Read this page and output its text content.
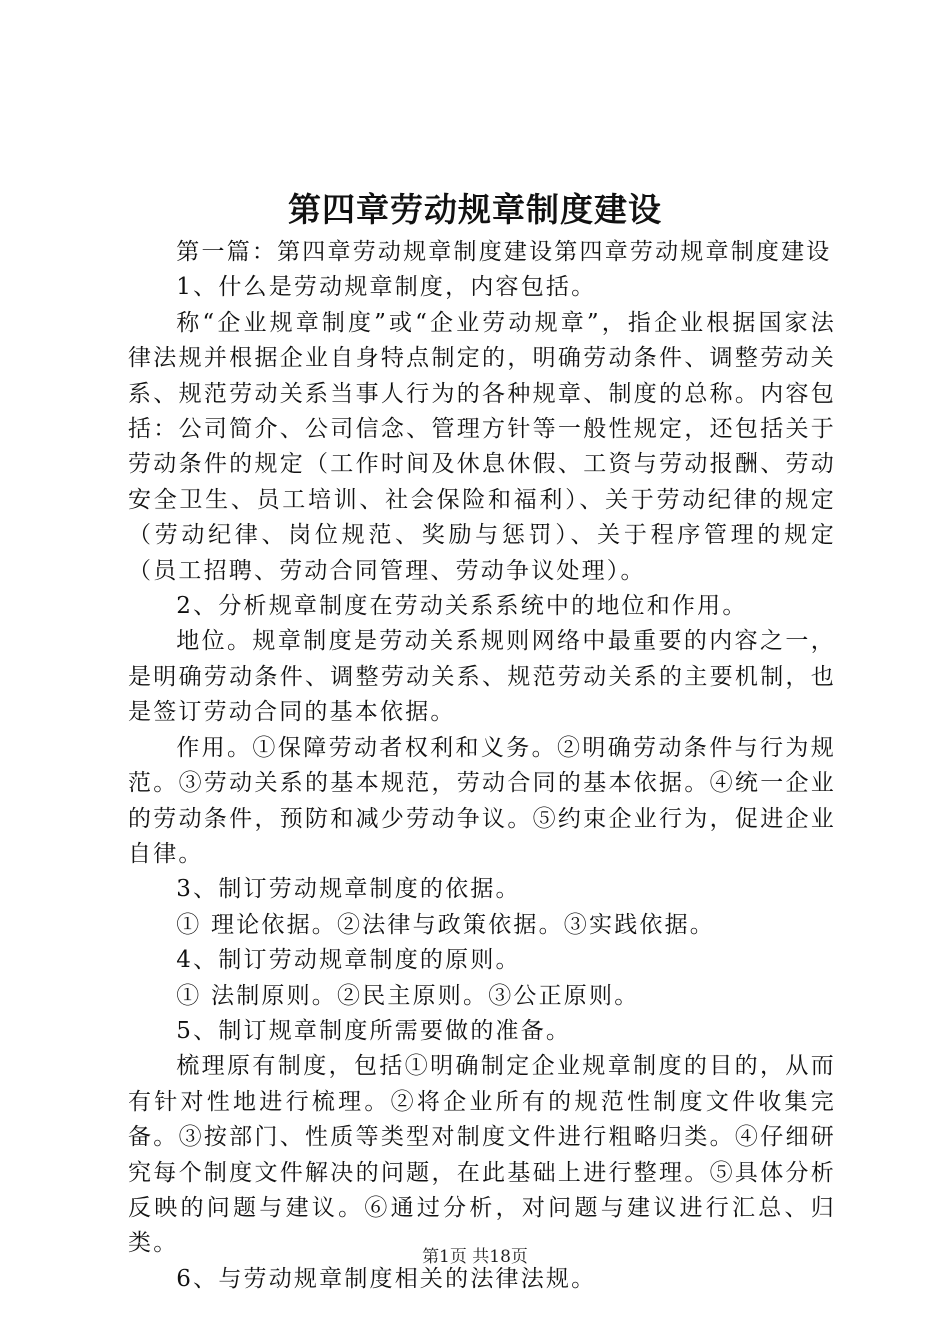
第四章劳动规章制度建设

第一篇：第四章劳动规章制度建设第四章劳动规章制度建设

1、什么是劳动规章制度，内容包括。

称“企业规章制度”或“企业劳动规章”，指企业根据国家法律法规并根据企业自身特点制定的，明确劳动条件、调整劳动关系、规范劳动关系当事人行为的各种规章、制度的总称。内容包括：公司简介、公司信念、管理方针等一般性规定，还包括关于劳动条件的规定（工作时间及休息休假、工资与劳动报酬、劳动安全卫生、员工培训、社会保险和福利）、关于劳动纪律的规定（劳动纪律、岗位规范、奖励与惩罚）、关于程序管理的规定（员工招聘、劳动合同管理、劳动争议处理）。

2、分析规章制度在劳动关系系统中的地位和作用。

地位。规章制度是劳动关系规则网络中最重要的内容之一，是明确劳动条件、调整劳动关系、规范劳动关系的主要机制，也是签订劳动合同的基本依据。

作用。①保障劳动者权利和义务。②明确劳动条件与行为规范。③劳动关系的基本规范，劳动合同的基本依据。④统一企业的劳动条件，预防和减少劳动争议。⑤约束企业行为，促进企业自律。

3、制订劳动规章制度的依据。

① 理论依据。②法律与政策依据。③实践依据。

4、制订劳动规章制度的原则。

① 法制原则。②民主原则。③公正原则。

5、制订规章制度所需要做的准备。

梳理原有制度，包括①明确制定企业规章制度的目的，从而有针对性地进行梳理。②将企业所有的规范性制度文件收集完备。③按部门、性质等类型对制度文件进行粗略归类。④仔细研究每个制度文件解决的问题，在此基础上进行整理。⑤具体分析反映的问题与建议。⑥通过分析，对问题与建议进行汇总、归类。

6、与劳动规章制度相关的法律法规。

第1页 共18页
